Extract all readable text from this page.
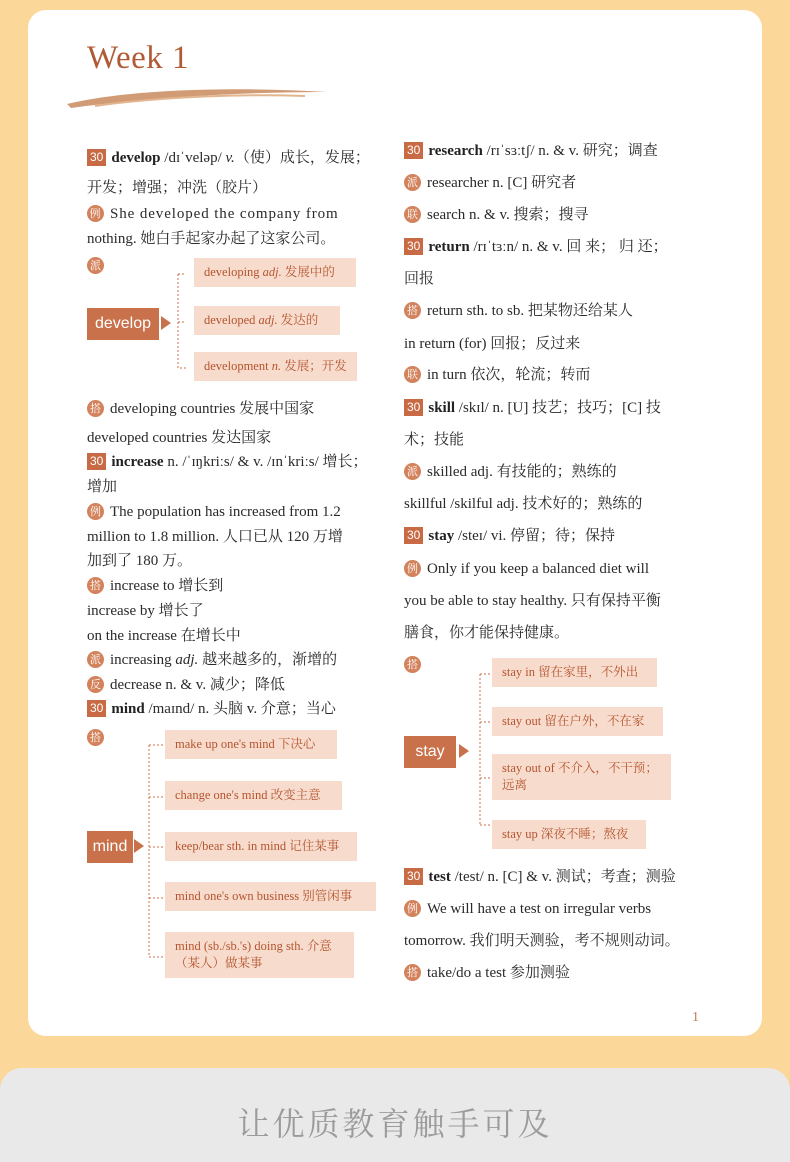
Week 1
30 develop /dɪˈveləp/ v.（使）成长，发展；
开发；增强；冲洗（胶片）
例 She developed the company from
nothing. 她白手起家办起了这家公司。
派
develop
developing adj. 发展中的
developed adj. 发达的
development n. 发展；开发
搭 developing countries 发展中国家
developed countries 发达国家
30 increase n. /ˈɪŋkriːs/ & v. /ɪnˈkriːs/ 增长；
增加
例 The population has increased from 1.2
million to 1.8 million. 人口已从 120 万增
加到了 180 万。
搭 increase to 增长到
increase by 增长了
on the increase 在增长中
派 increasing adj. 越来越多的，渐增的
反 decrease n. & v. 减少；降低
30 mind /maɪnd/ n. 头脑 v. 介意；当心
搭
mind
make up one's mind 下决心
change one's mind 改变主意
keep/bear sth. in mind 记住某事
mind one's own business 别管闲事
mind (sb./sb.'s) doing sth. 介意（某人）做某事
30 research /rɪˈsɜːtʃ/ n. & v. 研究；调查
派 researcher n. [C] 研究者
联 search n. & v. 搜索；搜寻
30 return /rɪˈtɜːn/ n. & v. 回 来； 归 还；
回报
搭 return sth. to sb. 把某物还给某人
in return (for) 回报；反过来
联 in turn 依次，轮流；转而
30 skill /skɪl/ n. [U] 技艺；技巧；[C] 技
术；技能
派 skilled adj. 有技能的；熟练的
skillful /skilful adj. 技术好的；熟练的
30 stay /steɪ/ vi. 停留；待；保持
例 Only if you keep a balanced diet will
you be able to stay healthy. 只有保持平衡
膳食，你才能保持健康。
搭
stay
stay in 留在家里，不外出
stay out 留在户外，不在家
stay out of 不介入，不干预；远离
stay up 深夜不睡；熬夜
30 test /test/ n. [C] & v. 测试；考查；测验
例 We will have a test on irregular verbs
tomorrow. 我们明天测验，考不规则动词。
搭 take/do a test 参加测验
1
让优质教育触手可及
